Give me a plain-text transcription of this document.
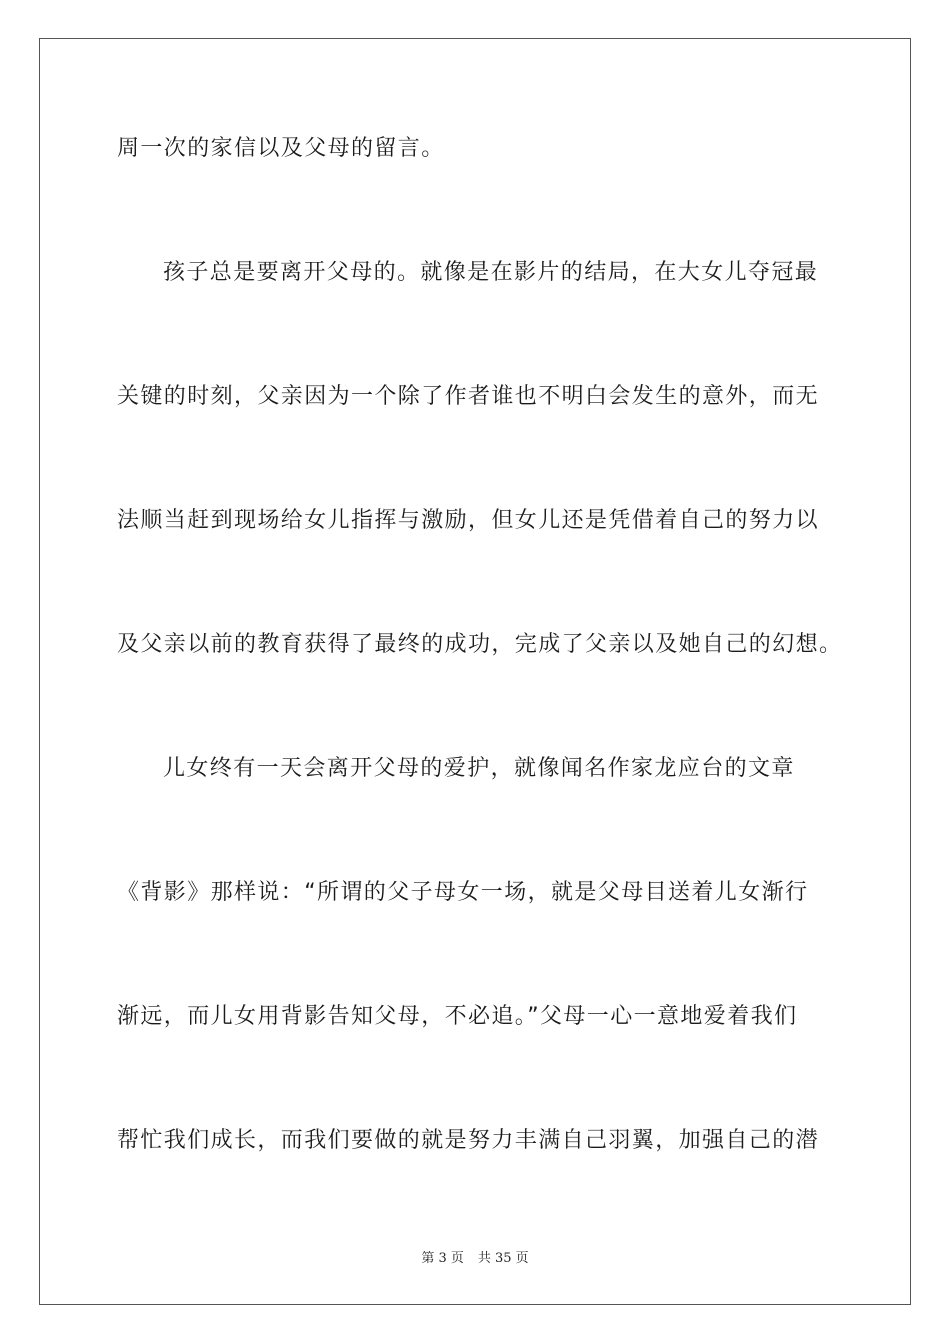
周一次的家信以及父母的留言。
孩子总是要离开父母的。就像是在影片的结局，在大女儿夺冠最
关键的时刻，父亲因为一个除了作者谁也不明白会发生的意外，而无
法顺当赶到现场给女儿指挥与激励，但女儿还是凭借着自己的努力以
及父亲以前的教育获得了最终的成功，完成了父亲以及她自己的幻想。
儿女终有一天会离开父母的爱护，就像闻名作家龙应台的文章
《背影》那样说：“所谓的父子母女一场，就是父母目送着儿女渐行
渐远，而儿女用背影告知父母，不必追。”父母一心一意地爱着我们
帮忙我们成长，而我们要做的就是努力丰满自己羽翼，加强自己的潜
第 3 页 共 35 页
